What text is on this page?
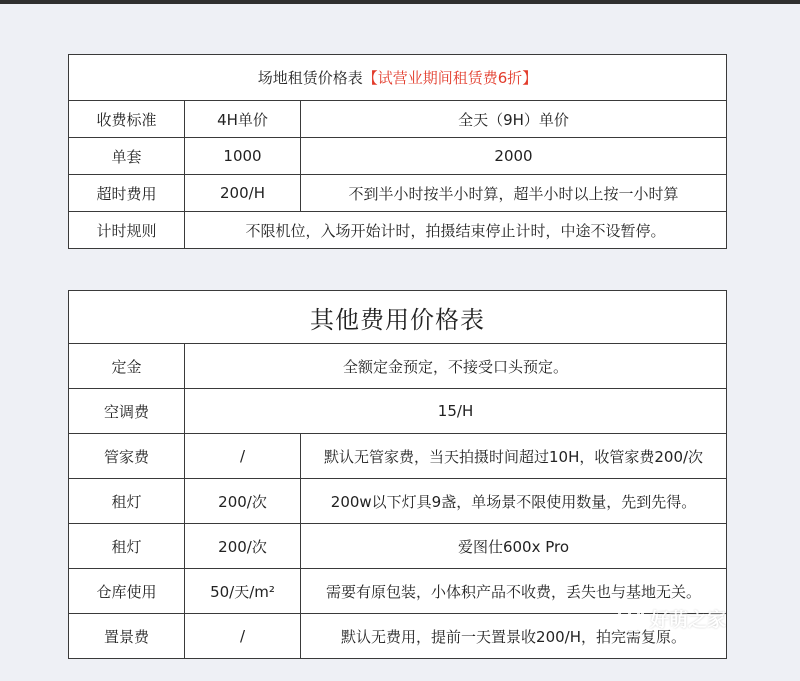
场地租赁价格表【试营业期间租赁费6折】		
收费标准	4H单价	全天（9H）单价
单套	1000	2000
超时费用	200/H	不到半小时按半小时算，超半小时以上按一小时算
计时规则	不限机位，入场开始计时，拍摄结束停止计时，中途不设暂停。	
其他费用价格表		
定金	全额定金预定，不接受口头预定。	
空调费	15/H	
管家费	/	默认无管家费，当天拍摄时间超过10H，收管家费200/次
租灯	200/次	200w以下灯具9盏，单场景不限使用数量，先到先得。
租灯	200/次	爱图仕600x Pro
仓库使用	50/天/m²	需要有原包装，小体积产品不收费，丢失也与基地无关。
置景费	/	默认无费用，提前一天置景收200/H，拍完需复原。
好萌之家
